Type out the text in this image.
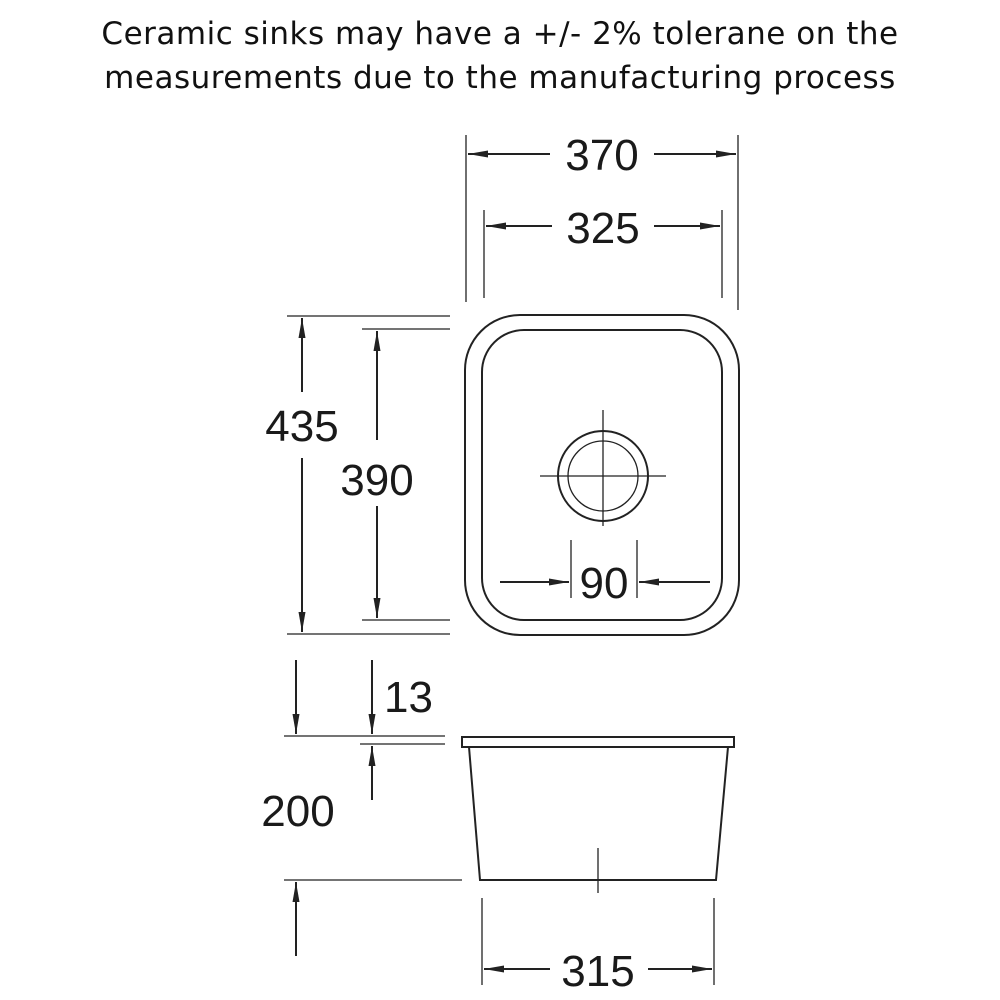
Ceramic sinks may have a +/- 2% tolerane on the
measurements due to the manufacturing process
370
325
90
435
390
13
200
315
